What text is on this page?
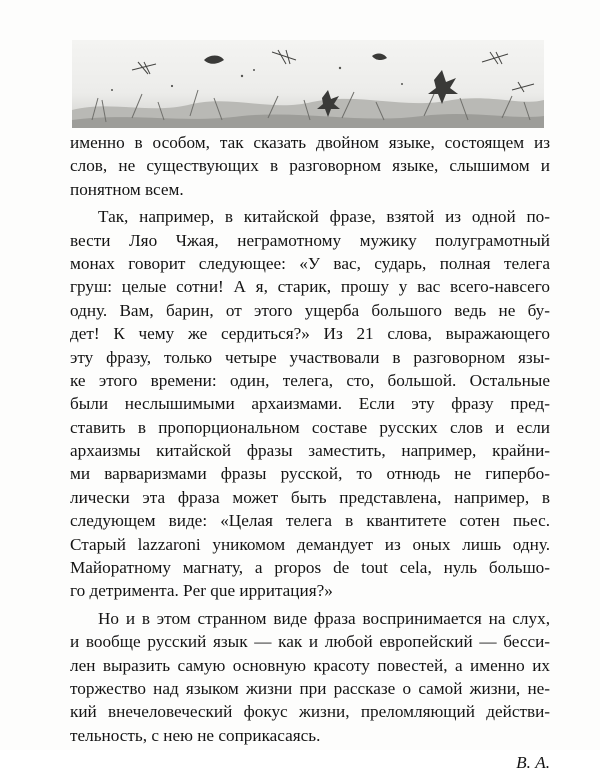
именно в особом, так сказать двойном языке, состоящем из
слов, не существующих в разговорном языке, слышимом и
понятном всем.
Так, например, в китайской фразе, взятой из одной по-
вести Ляо Чжая, неграмотному мужику полуграмотный
монах говорит следующее: «У вас, сударь, полная телега
груш: целые сотни! А я, старик, прошу у вас всего-навсего
одну. Вам, барин, от этого ущерба большого ведь не бу-
дет! К чему же сердиться?» Из 21 слова, выражающего
эту фразу, только четыре участвовали в разговорном язы-
ке этого времени: один, телега, сто, большой. Остальные
были неслышимыми архаизмами. Если эту фразу пред-
ставить в пропорциональном составе русских слов и если
архаизмы китайской фразы заместить, например, крайни-
ми варваризмами фразы русской, то отнюдь не гипербо-
лически эта фраза может быть представлена, например, в
следующем виде: «Целая телега в квантитете сотен пьес.
Старый lazzaroni уникомом демандует из оных лишь одну.
Майоратному магнату, а propos de tout cela, нуль большо-
го детримента. Per que ирритация?»
Но и в этом странном виде фраза воспринимается на слух,
и вообще русский язык — как и любой европейский — бесси-
лен выразить самую основную красоту повестей, а именно их
торжество над языком жизни при рассказе о самой жизни, не-
кий внечеловеческий фокус жизни, преломляющий действи-
тельность, с нею не соприкасаясь.
В. А.
